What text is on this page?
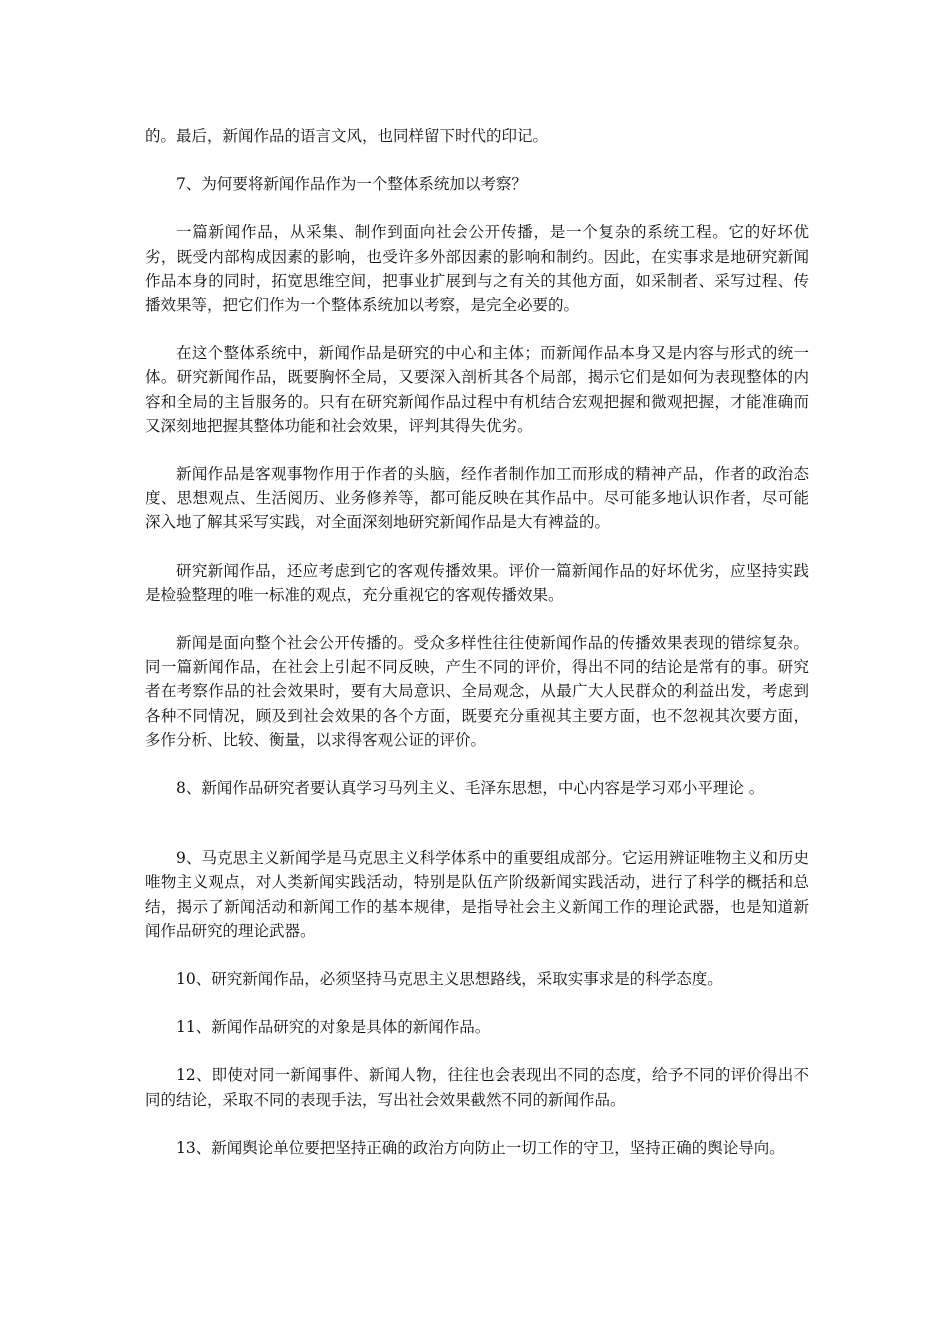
的。最后，新闻作品的语言文风，也同样留下时代的印记。

7、为何要将新闻作品作为一个整体系统加以考察？

一篇新闻作品，从采集、制作到面向社会公开传播，是一个复杂的系统工程。它的好坏优劣，既受内部构成因素的影响，也受许多外部因素的影响和制约。因此，在实事求是地研究新闻作品本身的同时，拓宽思维空间，把事业扩展到与之有关的其他方面，如采制者、采写过程、传播效果等，把它们作为一个整体系统加以考察，是完全必要的。

在这个整体系统中，新闻作品是研究的中心和主体；而新闻作品本身又是内容与形式的统一体。研究新闻作品，既要胸怀全局，又要深入剖析其各个局部，揭示它们是如何为表现整体的内容和全局的主旨服务的。只有在研究新闻作品过程中有机结合宏观把握和微观把握，才能准确而又深刻地把握其整体功能和社会效果，评判其得失优劣。

新闻作品是客观事物作用于作者的头脑，经作者制作加工而形成的精神产品，作者的政治态度、思想观点、生活阅历、业务修养等，都可能反映在其作品中。尽可能多地认识作者，尽可能深入地了解其采写实践，对全面深刻地研究新闻作品是大有裨益的。

研究新闻作品，还应考虑到它的客观传播效果。评价一篇新闻作品的好坏优劣，应坚持实践是检验整理的唯一标准的观点，充分重视它的客观传播效果。

新闻是面向整个社会公开传播的。受众多样性往往使新闻作品的传播效果表现的错综复杂。同一篇新闻作品，在社会上引起不同反映，产生不同的评价，得出不同的结论是常有的事。研究者在考察作品的社会效果时，要有大局意识、全局观念，从最广大人民群众的利益出发，考虑到各种不同情况，顾及到社会效果的各个方面，既要充分重视其主要方面，也不忽视其次要方面，多作分析、比较、衡量，以求得客观公证的评价。

8、新闻作品研究者要认真学习马列主义、毛泽东思想，中心内容是学习邓小平理论 。

9、马克思主义新闻学是马克思主义科学体系中的重要组成部分。它运用辨证唯物主义和历史唯物主义观点，对人类新闻实践活动，特别是队伍产阶级新闻实践活动，进行了科学的概括和总结，揭示了新闻活动和新闻工作的基本规律，是指导社会主义新闻工作的理论武器，也是知道新闻作品研究的理论武器。

10、研究新闻作品，必须坚持马克思主义思想路线，采取实事求是的科学态度。

11、新闻作品研究的对象是具体的新闻作品。

12、即使对同一新闻事件、新闻人物，往往也会表现出不同的态度，给予不同的评价得出不同的结论，采取不同的表现手法，写出社会效果截然不同的新闻作品。

13、新闻舆论单位要把坚持正确的政治方向防止一切工作的守卫，坚持正确的舆论导向。
